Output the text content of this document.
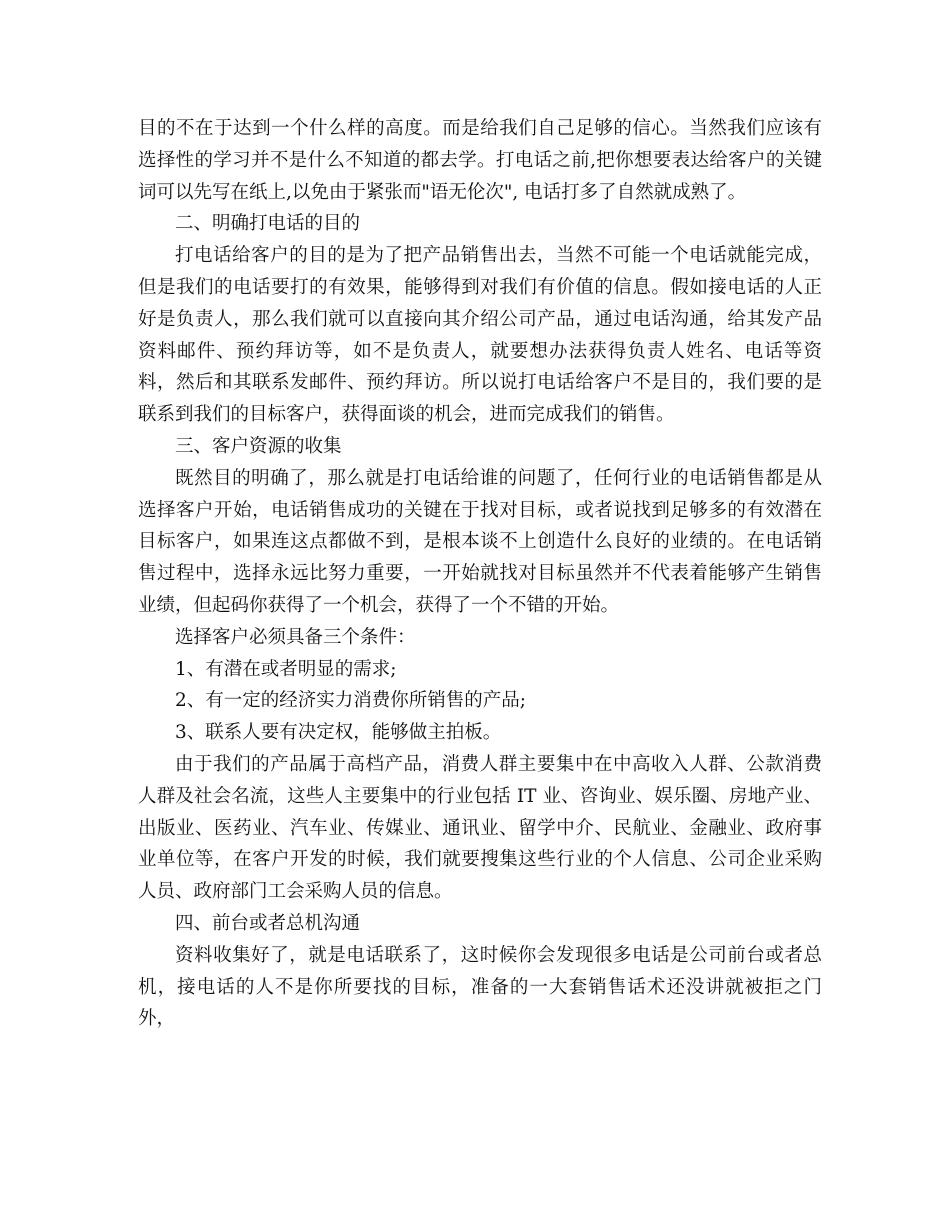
目的不在于达到一个什么样的高度。而是给我们自己足够的信心。当然我们应该有选择性的学习并不是什么不知道的都去学。打电话之前,把你想要表达给客户的关键词可以先写在纸上,以免由于紧张而"语无伦次", 电话打多了自然就成熟了。

二、明确打电话的目的

打电话给客户的目的是为了把产品销售出去，当然不可能一个电话就能完成，但是我们的电话要打的有效果，能够得到对我们有价值的信息。假如接电话的人正好是负责人，那么我们就可以直接向其介绍公司产品，通过电话沟通，给其发产品资料邮件、预约拜访等，如不是负责人，就要想办法获得负责人姓名、电话等资料，然后和其联系发邮件、预约拜访。所以说打电话给客户不是目的，我们要的是联系到我们的目标客户，获得面谈的机会，进而完成我们的销售。

三、客户资源的收集

既然目的明确了，那么就是打电话给谁的问题了，任何行业的电话销售都是从选择客户开始，电话销售成功的关键在于找对目标，或者说找到足够多的有效潜在目标客户，如果连这点都做不到，是根本谈不上创造什么良好的业绩的。在电话销售过程中，选择永远比努力重要，一开始就找对目标虽然并不代表着能够产生销售业绩，但起码你获得了一个机会，获得了一个不错的开始。

选择客户必须具备三个条件：

1、有潜在或者明显的需求;

2、有一定的经济实力消费你所销售的产品;

3、联系人要有决定权，能够做主拍板。

由于我们的产品属于高档产品，消费人群主要集中在中高收入人群、公款消费人群及社会名流，这些人主要集中的行业包括 IT 业、咨询业、娱乐圈、房地产业、出版业、医药业、汽车业、传媒业、通讯业、留学中介、民航业、金融业、政府事业单位等，在客户开发的时候，我们就要搜集这些行业的个人信息、公司企业采购人员、政府部门工会采购人员的信息。

四、前台或者总机沟通

资料收集好了，就是电话联系了，这时候你会发现很多电话是公司前台或者总机，接电话的人不是你所要找的目标，准备的一大套销售话术还没讲就被拒之门外，
